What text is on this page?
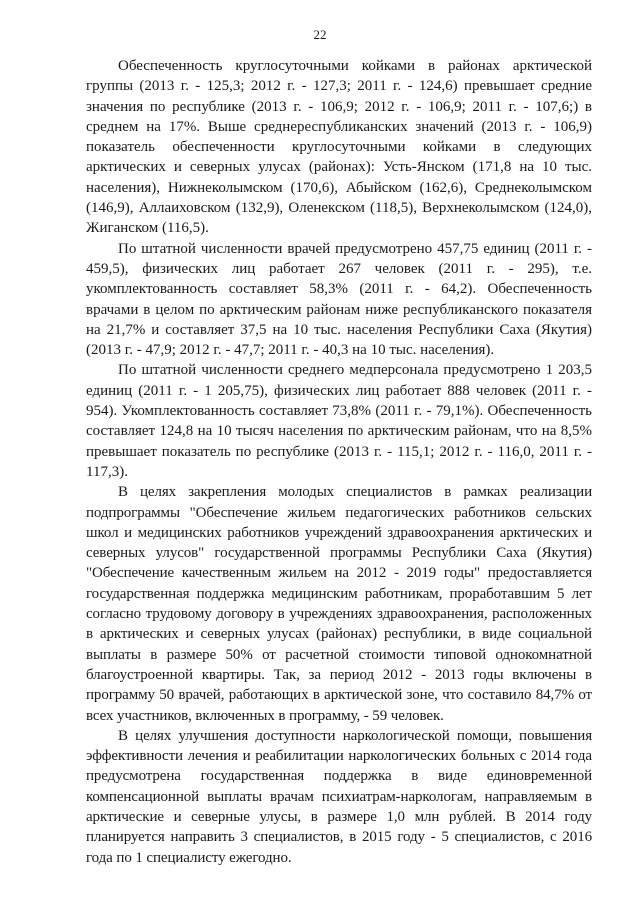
22

Обеспеченность круглосуточными койками в районах арктической группы (2013 г. - 125,3; 2012 г. - 127,3; 2011 г. - 124,6) превышает средние значения по республике (2013 г. - 106,9; 2012 г. - 106,9; 2011 г. - 107,6;) в среднем на 17%. Выше среднереспубликанских значений (2013 г. - 106,9) показатель обеспеченности круглосуточными койками в следующих арктических и северных улусах (районах): Усть-Янском (171,8 на 10 тыс. населения), Нижнеколымском (170,6), Абыйском (162,6), Среднеколымском (146,9), Аллаиховском (132,9), Оленекском (118,5), Верхнеколымском (124,0), Жиганском (116,5).

По штатной численности врачей предусмотрено 457,75 единиц (2011 г. - 459,5), физических лиц работает 267 человек (2011 г. - 295), т.е. укомплектованность составляет 58,3% (2011 г. - 64,2). Обеспеченность врачами в целом по арктическим районам ниже республиканского показателя на 21,7% и составляет 37,5 на 10 тыс. населения Республики Саха (Якутия) (2013 г. - 47,9; 2012 г. - 47,7; 2011 г. - 40,3 на 10 тыс. населения).

По штатной численности среднего медперсонала предусмотрено 1 203,5 единиц (2011 г. - 1 205,75), физических лиц работает 888 человек (2011 г. - 954). Укомплектованность составляет 73,8% (2011 г. - 79,1%). Обеспеченность составляет 124,8 на 10 тысяч населения по арктическим районам, что на 8,5% превышает показатель по республике (2013 г. - 115,1; 2012 г. - 116,0, 2011 г. - 117,3).

В целях закрепления молодых специалистов в рамках реализации подпрограммы "Обеспечение жильем педагогических работников сельских школ и медицинских работников учреждений здравоохранения арктических и северных улусов" государственной программы Республики Саха (Якутия) "Обеспечение качественным жильем на 2012 - 2019 годы" предоставляется государственная поддержка медицинским работникам, проработавшим 5 лет согласно трудовому договору в учреждениях здравоохранения, расположенных в арктических и северных улусах (районах) республики, в виде социальной выплаты в размере 50% от расчетной стоимости типовой однокомнатной благоустроенной квартиры. Так, за период 2012 - 2013 годы включены в программу 50 врачей, работающих в арктической зоне, что составило 84,7% от всех участников, включенных в программу, - 59 человек.

В целях улучшения доступности наркологической помощи, повышения эффективности лечения и реабилитации наркологических больных с 2014 года предусмотрена государственная поддержка в виде единовременной компенсационной выплаты врачам психиатрам-наркологам, направляемым в арктические и северные улусы, в размере 1,0 млн рублей. В 2014 году планируется направить 3 специалистов, в 2015 году - 5 специалистов, с 2016 года по 1 специалисту ежегодно.
